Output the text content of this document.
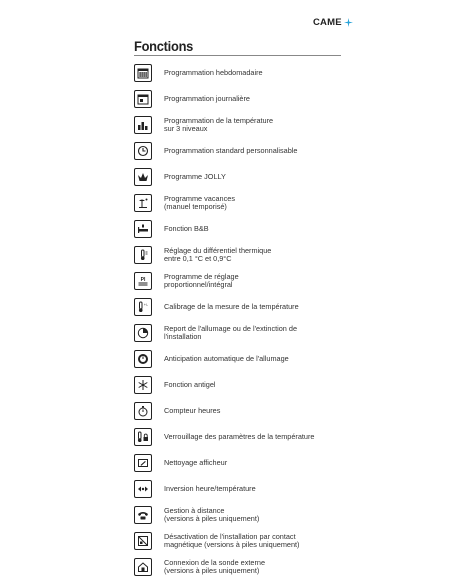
CAME
Fonctions
Programmation hebdomadaire
Programmation journalière
Programmation de la température
sur 3 niveaux
Programmation standard personnalisable
Programme JOLLY
Programme vacances
(manuel temporisé)
Fonction B&B
Réglage du différentiel thermique
entre 0,1 °C et 0,9°C
PI	Programme de réglage
proportionnel/intégral
+/- Calibrage de la mesure de la température
Report de l'allumage ou de l'extinction de
l'installation
Anticipation automatique de l'allumage
Fonction antigel
Compteur heures
Verrouillage des paramètres de la température
Nettoyage afficheur
Inversion heure/température
Gestion à distance
(versions à piles uniquement)
Désactivation de l'installation par contact
magnétique (versions à piles uniquement)
Connexion de la sonde externe
(versions à piles uniquement)
